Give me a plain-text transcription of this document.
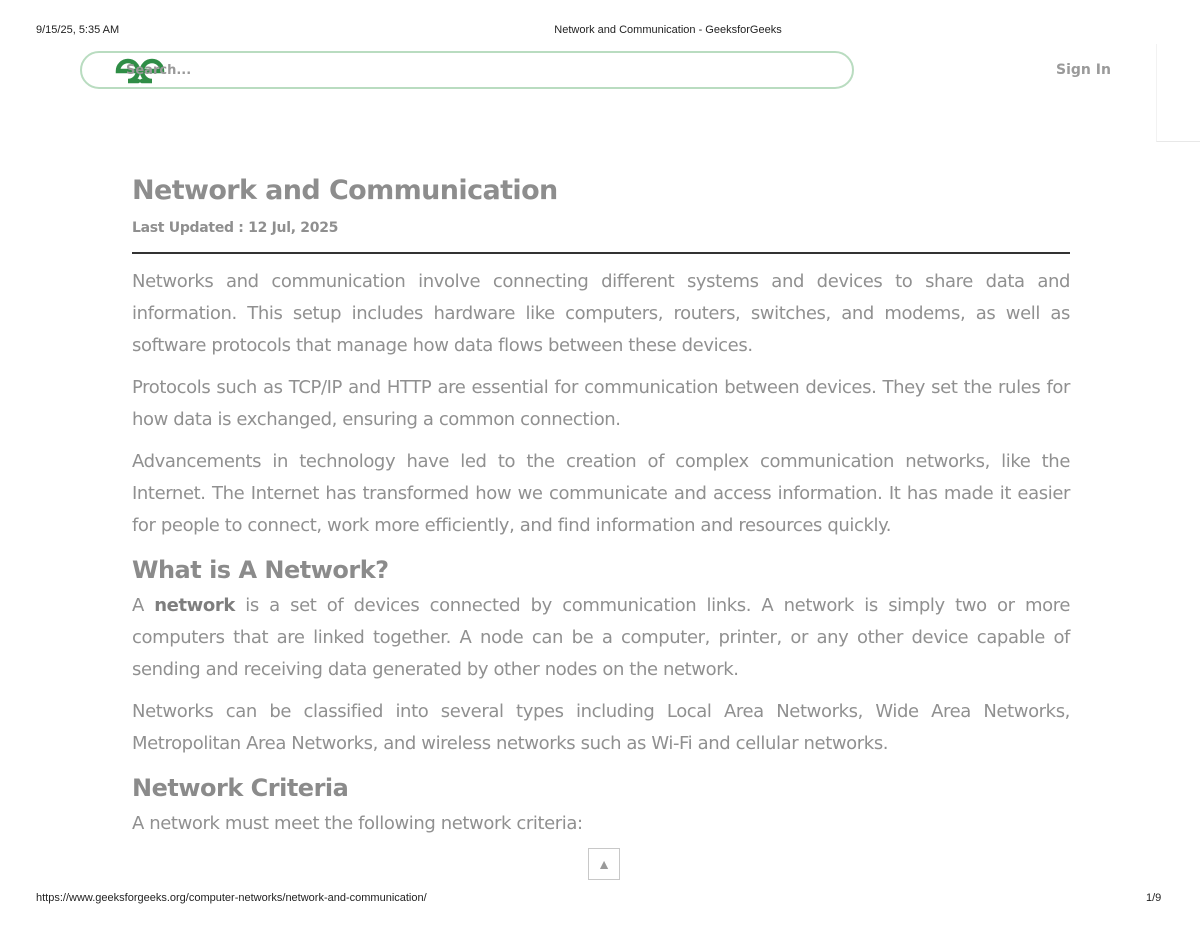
9/15/25, 5:35 AM	Network and Communication - GeeksforGeeks
Search...	Sign In
Network and Communication
Last Updated : 12 Jul, 2025

Networks and communication involve connecting different systems and devices to share data and information. This setup includes hardware like computers, routers, switches, and modems, as well as software protocols that manage how data flows between these devices.

Protocols such as TCP/IP and HTTP are essential for communication between devices. They set the rules for how data is exchanged, ensuring a common connection.

Advancements in technology have led to the creation of complex communication networks, like the Internet. The Internet has transformed how we communicate and access information. It has made it easier for people to connect, work more efficiently, and find information and resources quickly.

What is A Network?

A network is a set of devices connected by communication links. A network is simply two or more computers that are linked together. A node can be a computer, printer, or any other device capable of sending and receiving data generated by other nodes on the network.

Networks can be classified into several types including Local Area Networks, Wide Area Networks, Metropolitan Area Networks, and wireless networks such as Wi-Fi and cellular networks.

Network Criteria

A network must meet the following network criteria:

▲
https://www.geeksforgeeks.org/computer-networks/network-and-communication/	1/9
